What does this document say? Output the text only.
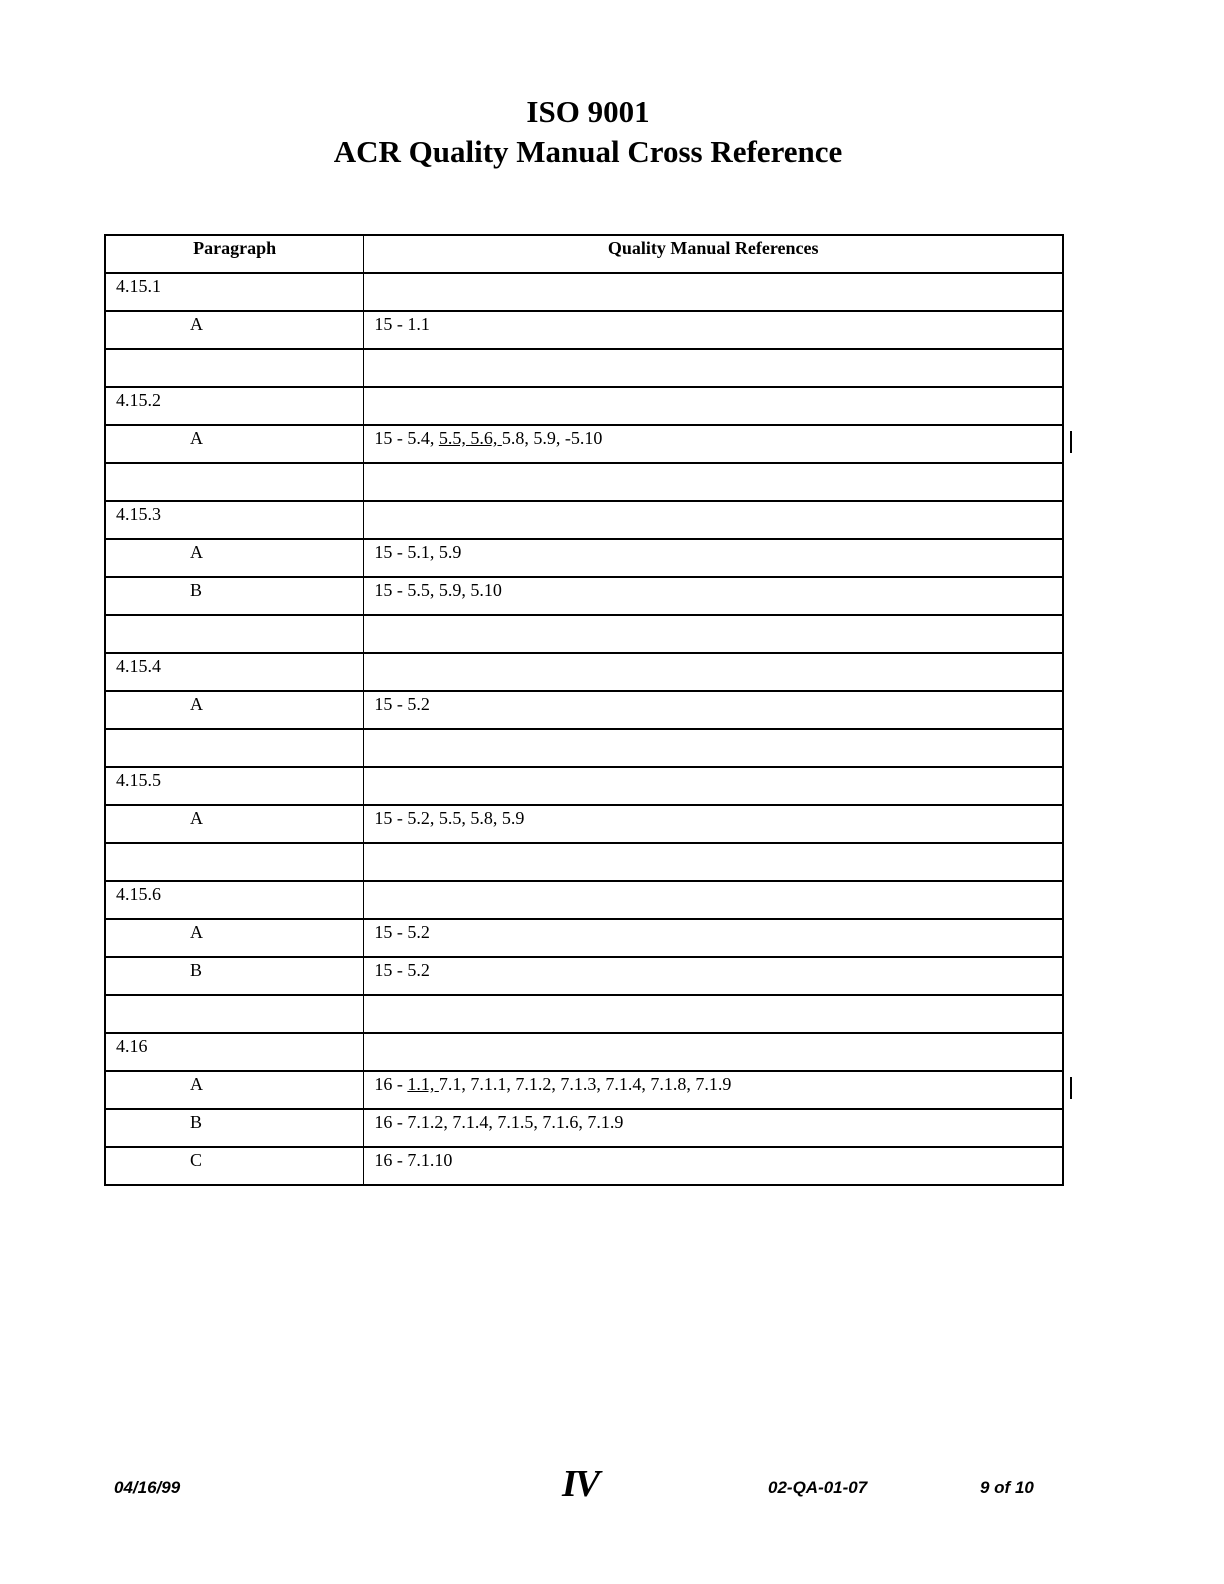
ISO 9001
ACR Quality Manual Cross Reference
Paragraph	Quality Manual References
4.15.1	
A	15 - 1.1

4.15.2	
A	15 - 5.4, 5.5, 5.6, 5.8, 5.9, -5.10

4.15.3	
A	15 - 5.1, 5.9
B	15 - 5.5, 5.9, 5.10

4.15.4	
A	15 - 5.2

4.15.5	
A	15 - 5.2, 5.5, 5.8, 5.9

4.15.6	
A	15 - 5.2
B	15 - 5.2

4.16	
A	16 - 1.1, 7.1, 7.1.1, 7.1.2, 7.1.3, 7.1.4, 7.1.8, 7.1.9
B	16 - 7.1.2, 7.1.4, 7.1.5, 7.1.6, 7.1.9
C	16 - 7.1.10
04/16/99	IV	02-QA-01-07	9 of 10
